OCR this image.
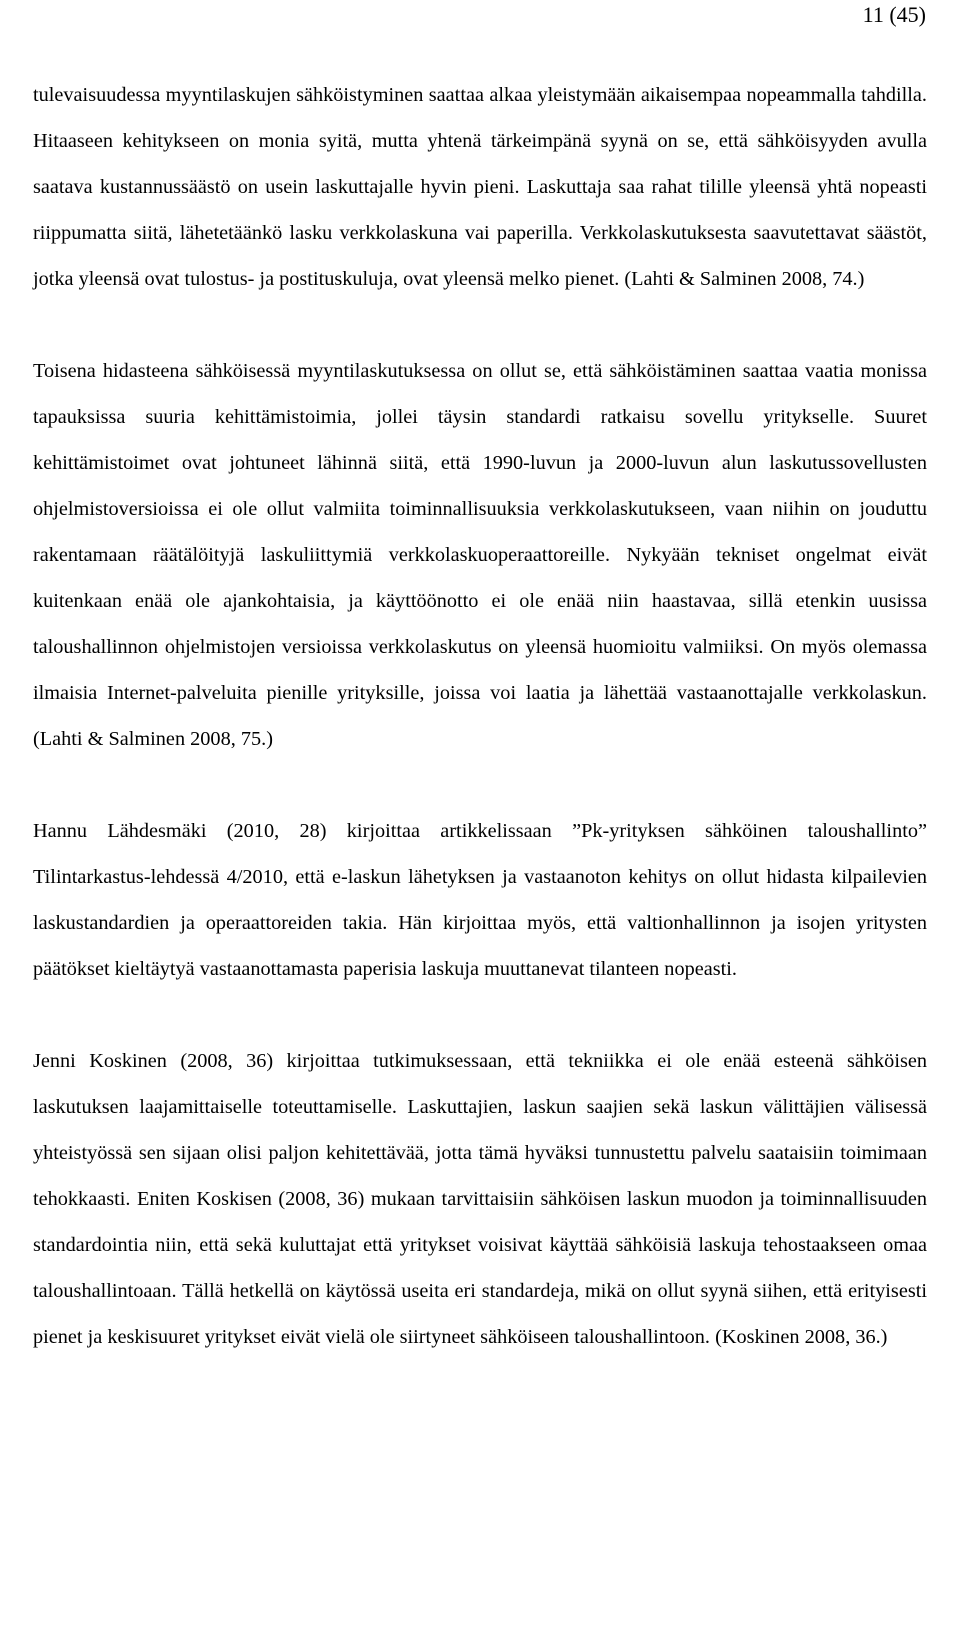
11 (45)

tulevaisuudessa myyntilaskujen sähköistyminen saattaa alkaa yleistymään aikaisempaa nopeammalla tahdilla. Hitaaseen kehitykseen on monia syitä, mutta yhtenä tärkeimpänä syynä on se, että sähköisyyden avulla saatava kustannussäästö on usein laskuttajalle hyvin pieni. Laskuttaja saa rahat tilille yleensä yhtä nopeasti riippumatta siitä, lähetetäänkö lasku verkkolaskuna vai paperilla. Verkkolaskutuksesta saavutettavat säästöt, jotka yleensä ovat tulostus- ja postituskuluja, ovat yleensä melko pienet. (Lahti & Salminen 2008, 74.)

Toisena hidasteena sähköisessä myyntilaskutuksessa on ollut se, että sähköistäminen saattaa vaatia monissa tapauksissa suuria kehittämistoimia, jollei täysin standardi ratkaisu sovellu yritykselle. Suuret kehittämistoimet ovat johtuneet lähinnä siitä, että 1990-luvun ja 2000-luvun alun laskutussovellusten ohjelmistoversioissa ei ole ollut valmiita toiminnallisuuksia verkkolaskutukseen, vaan niihin on jouduttu rakentamaan räätälöityjä laskuliittymiä verkkolaskuoperaattoreille. Nykyään tekniset ongelmat eivät kuitenkaan enää ole ajankohtaisia, ja käyttöönotto ei ole enää niin haastavaa, sillä etenkin uusissa taloushallinnon ohjelmistojen versioissa verkkolaskutus on yleensä huomioitu valmiiksi. On myös olemassa ilmaisia Internet-palveluita pienille yrityksille, joissa voi laatia ja lähettää vastaanottajalle verkkolaskun. (Lahti & Salminen 2008, 75.)

Hannu Lähdesmäki (2010, 28) kirjoittaa artikkelissaan ”Pk-yrityksen sähköinen taloushallinto” Tilintarkastus-lehdessä 4/2010, että e-laskun lähetyksen ja vastaanoton kehitys on ollut hidasta kilpailevien laskustandardien ja operaattoreiden takia. Hän kirjoittaa myös, että valtionhallinnon ja isojen yritysten päätökset kieltäytyä vastaanottamasta paperisia laskuja muuttanevat tilanteen nopeasti.

Jenni Koskinen (2008, 36) kirjoittaa tutkimuksessaan, että tekniikka ei ole enää esteenä sähköisen laskutuksen laajamittaiselle toteuttamiselle. Laskuttajien, laskun saajien sekä laskun välittäjien välisessä yhteistyössä sen sijaan olisi paljon kehitettävää, jotta tämä hyväksi tunnustettu palvelu saataisiin toimimaan tehokkaasti. Eniten Koskisen (2008, 36) mukaan tarvittaisiin sähköisen laskun muodon ja toiminnallisuuden standardointia niin, että sekä kuluttajat että yritykset voisivat käyttää sähköisiä laskuja tehostaakseen omaa taloushallintoaan. Tällä hetkellä on käytössä useita eri standardeja, mikä on ollut syynä siihen, että erityisesti pienet ja keskisuuret yritykset eivät vielä ole siirtyneet sähköiseen taloushallintoon. (Koskinen 2008, 36.)
